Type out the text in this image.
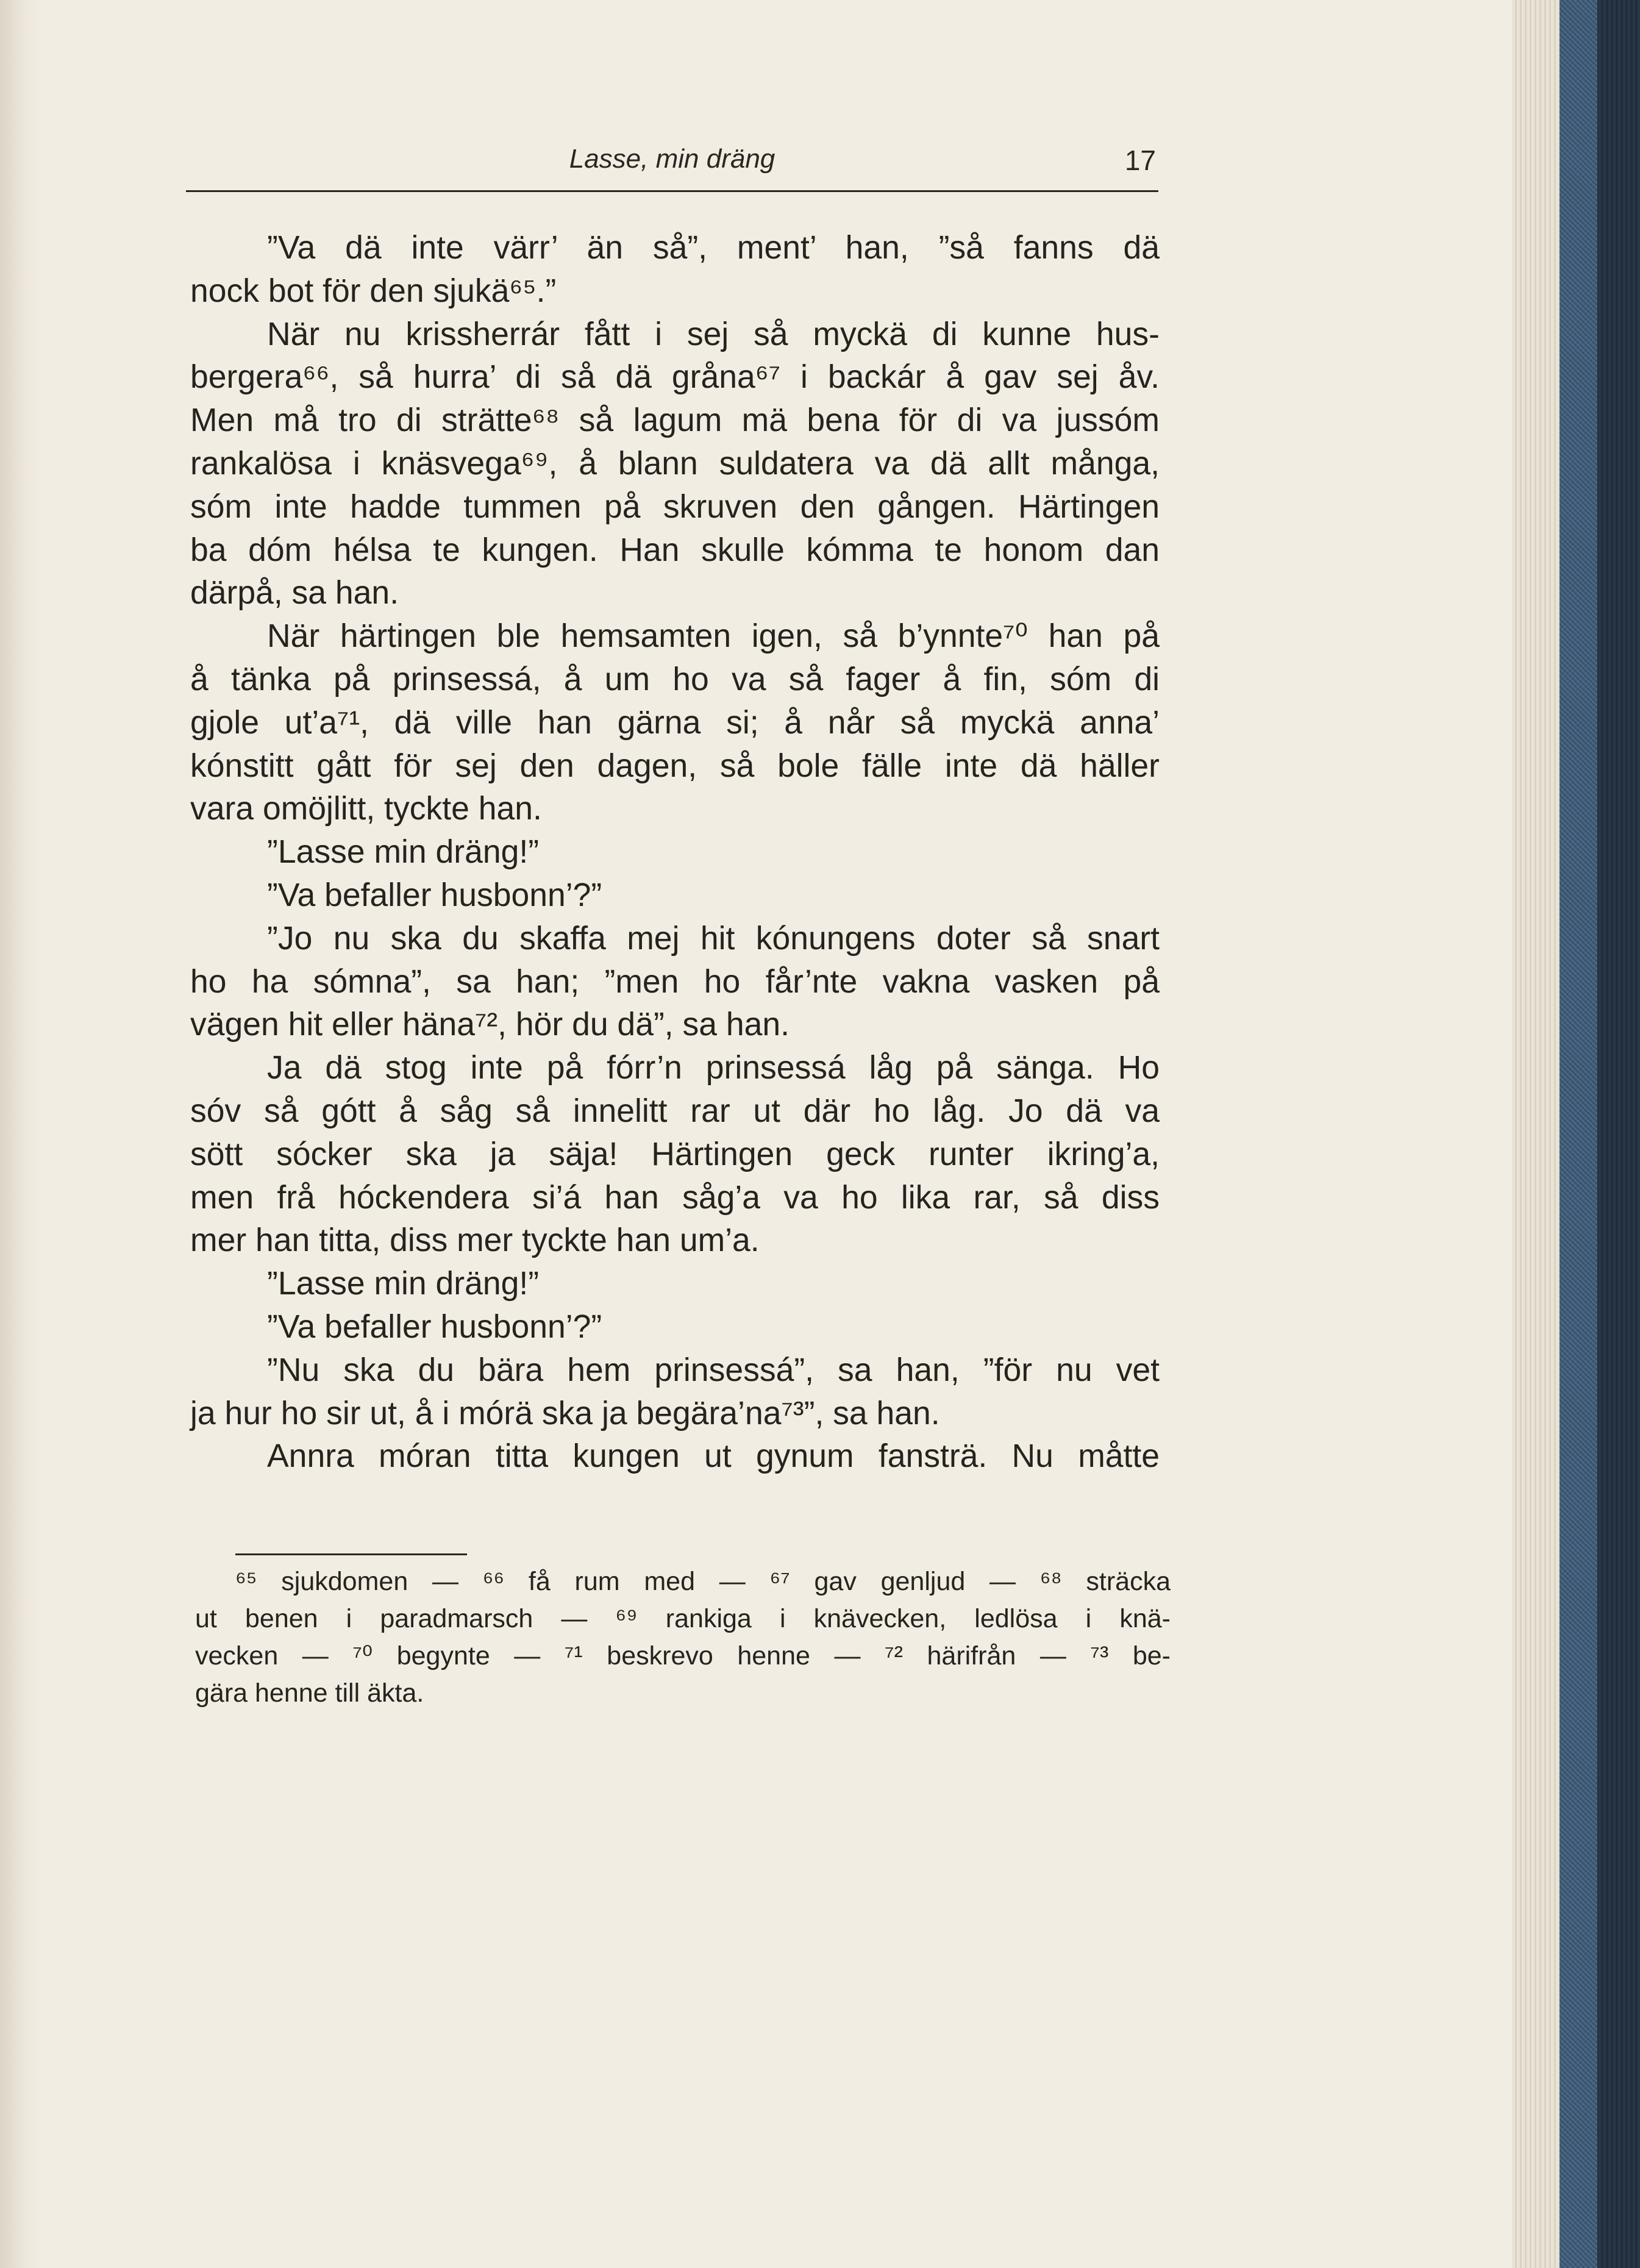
Lasse, min dräng	17
”Va dä inte värr’ än så”, ment’ han, ”så fanns dä
nock bot för den sjukä⁶⁵.”
När nu krissherrár fått i sej så myckä di kunne hus-
bergera⁶⁶, så hurra’ di så dä gråna⁶⁷ i backár å gav sej åv.
Men må tro di strätte⁶⁸ så lagum mä bena för di va jussóm
rankalösa i knäsvega⁶⁹, å blann suldatera va dä allt många,
sóm inte hadde tummen på skruven den gången. Härtingen
ba dóm hélsa te kungen. Han skulle kómma te honom dan
därpå, sa han.
När härtingen ble hemsamten igen, så b’ynnte⁷⁰ han på
å tänka på prinsessá, å um ho va så fager å fin, sóm di
gjole ut’a⁷¹, dä ville han gärna si; å når så myckä anna’
kónstitt gått för sej den dagen, så bole fälle inte dä häller
vara omöjlitt, tyckte han.
”Lasse min dräng!”
”Va befaller husbonn’?”
”Jo nu ska du skaffa mej hit kónungens doter så snart
ho ha sómna”, sa han; ”men ho får’nte vakna vasken på
vägen hit eller häna⁷², hör du dä”, sa han.
Ja dä stog inte på fórr’n prinsessá låg på sänga. Ho
sóv så gótt å såg så innelitt rar ut där ho låg. Jo dä va
sött sócker ska ja säja! Härtingen geck runter ikring’a,
men frå hóckendera si’á han såg’a va ho lika rar, så diss
mer han titta, diss mer tyckte han um’a.
”Lasse min dräng!”
”Va befaller husbonn’?”
”Nu ska du bära hem prinsessá”, sa han, ”för nu vet
ja hur ho sir ut, å i mórä ska ja begära’na⁷³”, sa han.
Annra móran titta kungen ut gynum fansträ. Nu måtte
⁶⁵ sjukdomen — ⁶⁶ få rum med — ⁶⁷ gav genljud — ⁶⁸ sträcka
ut benen i paradmarsch — ⁶⁹ rankiga i knävecken, ledlösa i knä-
vecken — ⁷⁰ begynte — ⁷¹ beskrevo henne — ⁷² härifrån — ⁷³ be-
gära henne till äkta.
